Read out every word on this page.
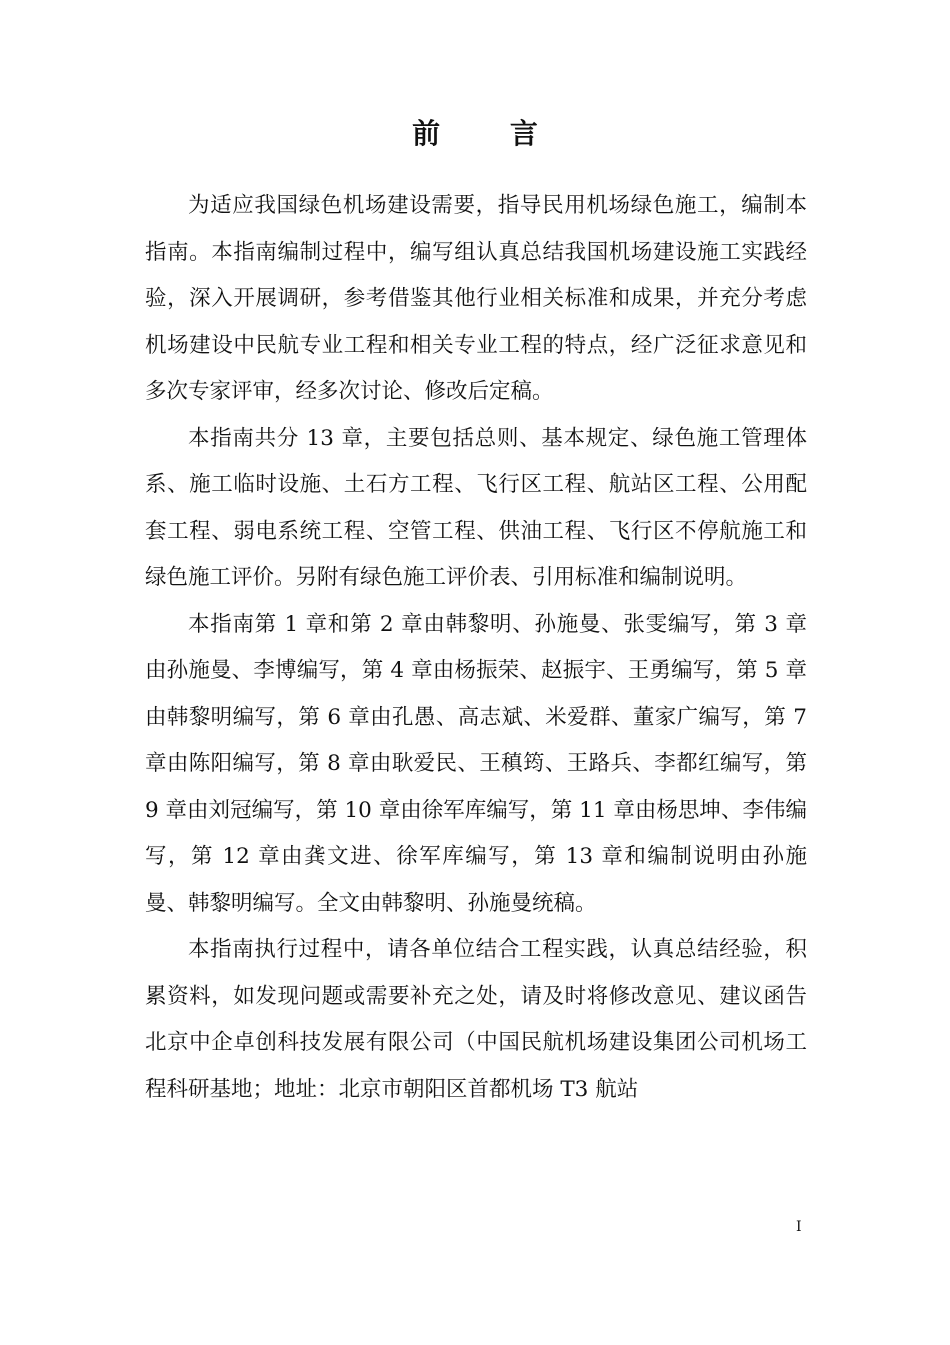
前 言

为适应我国绿色机场建设需要，指导民用机场绿色施工，编制本指南。本指南编制过程中，编写组认真总结我国机场建设施工实践经验，深入开展调研，参考借鉴其他行业相关标准和成果，并充分考虑机场建设中民航专业工程和相关专业工程的特点，经广泛征求意见和多次专家评审，经多次讨论、修改后定稿。

本指南共分 13 章，主要包括总则、基本规定、绿色施工管理体系、施工临时设施、土石方工程、飞行区工程、航站区工程、公用配套工程、弱电系统工程、空管工程、供油工程、飞行区不停航施工和绿色施工评价。另附有绿色施工评价表、引用标准和编制说明。

本指南第 1 章和第 2 章由韩黎明、孙施曼、张雯编写，第 3 章由孙施曼、李博编写，第 4 章由杨振荣、赵振宇、王勇编写，第 5 章由韩黎明编写，第 6 章由孔愚、高志斌、米爱群、董家广编写，第 7 章由陈阳编写，第 8 章由耿爱民、王稹筠、王路兵、李都红编写，第 9 章由刘冠编写，第 10 章由徐军库编写，第 11 章由杨思坤、李伟编写，第 12 章由龚文进、徐军库编写，第 13 章和编制说明由孙施曼、韩黎明编写。全文由韩黎明、孙施曼统稿。

本指南执行过程中，请各单位结合工程实践，认真总结经验，积累资料，如发现问题或需要补充之处，请及时将修改意见、建议函告北京中企卓创科技发展有限公司（中国民航机场建设集团公司机场工程科研基地；地址：北京市朝阳区首都机场 T3 航站

I
